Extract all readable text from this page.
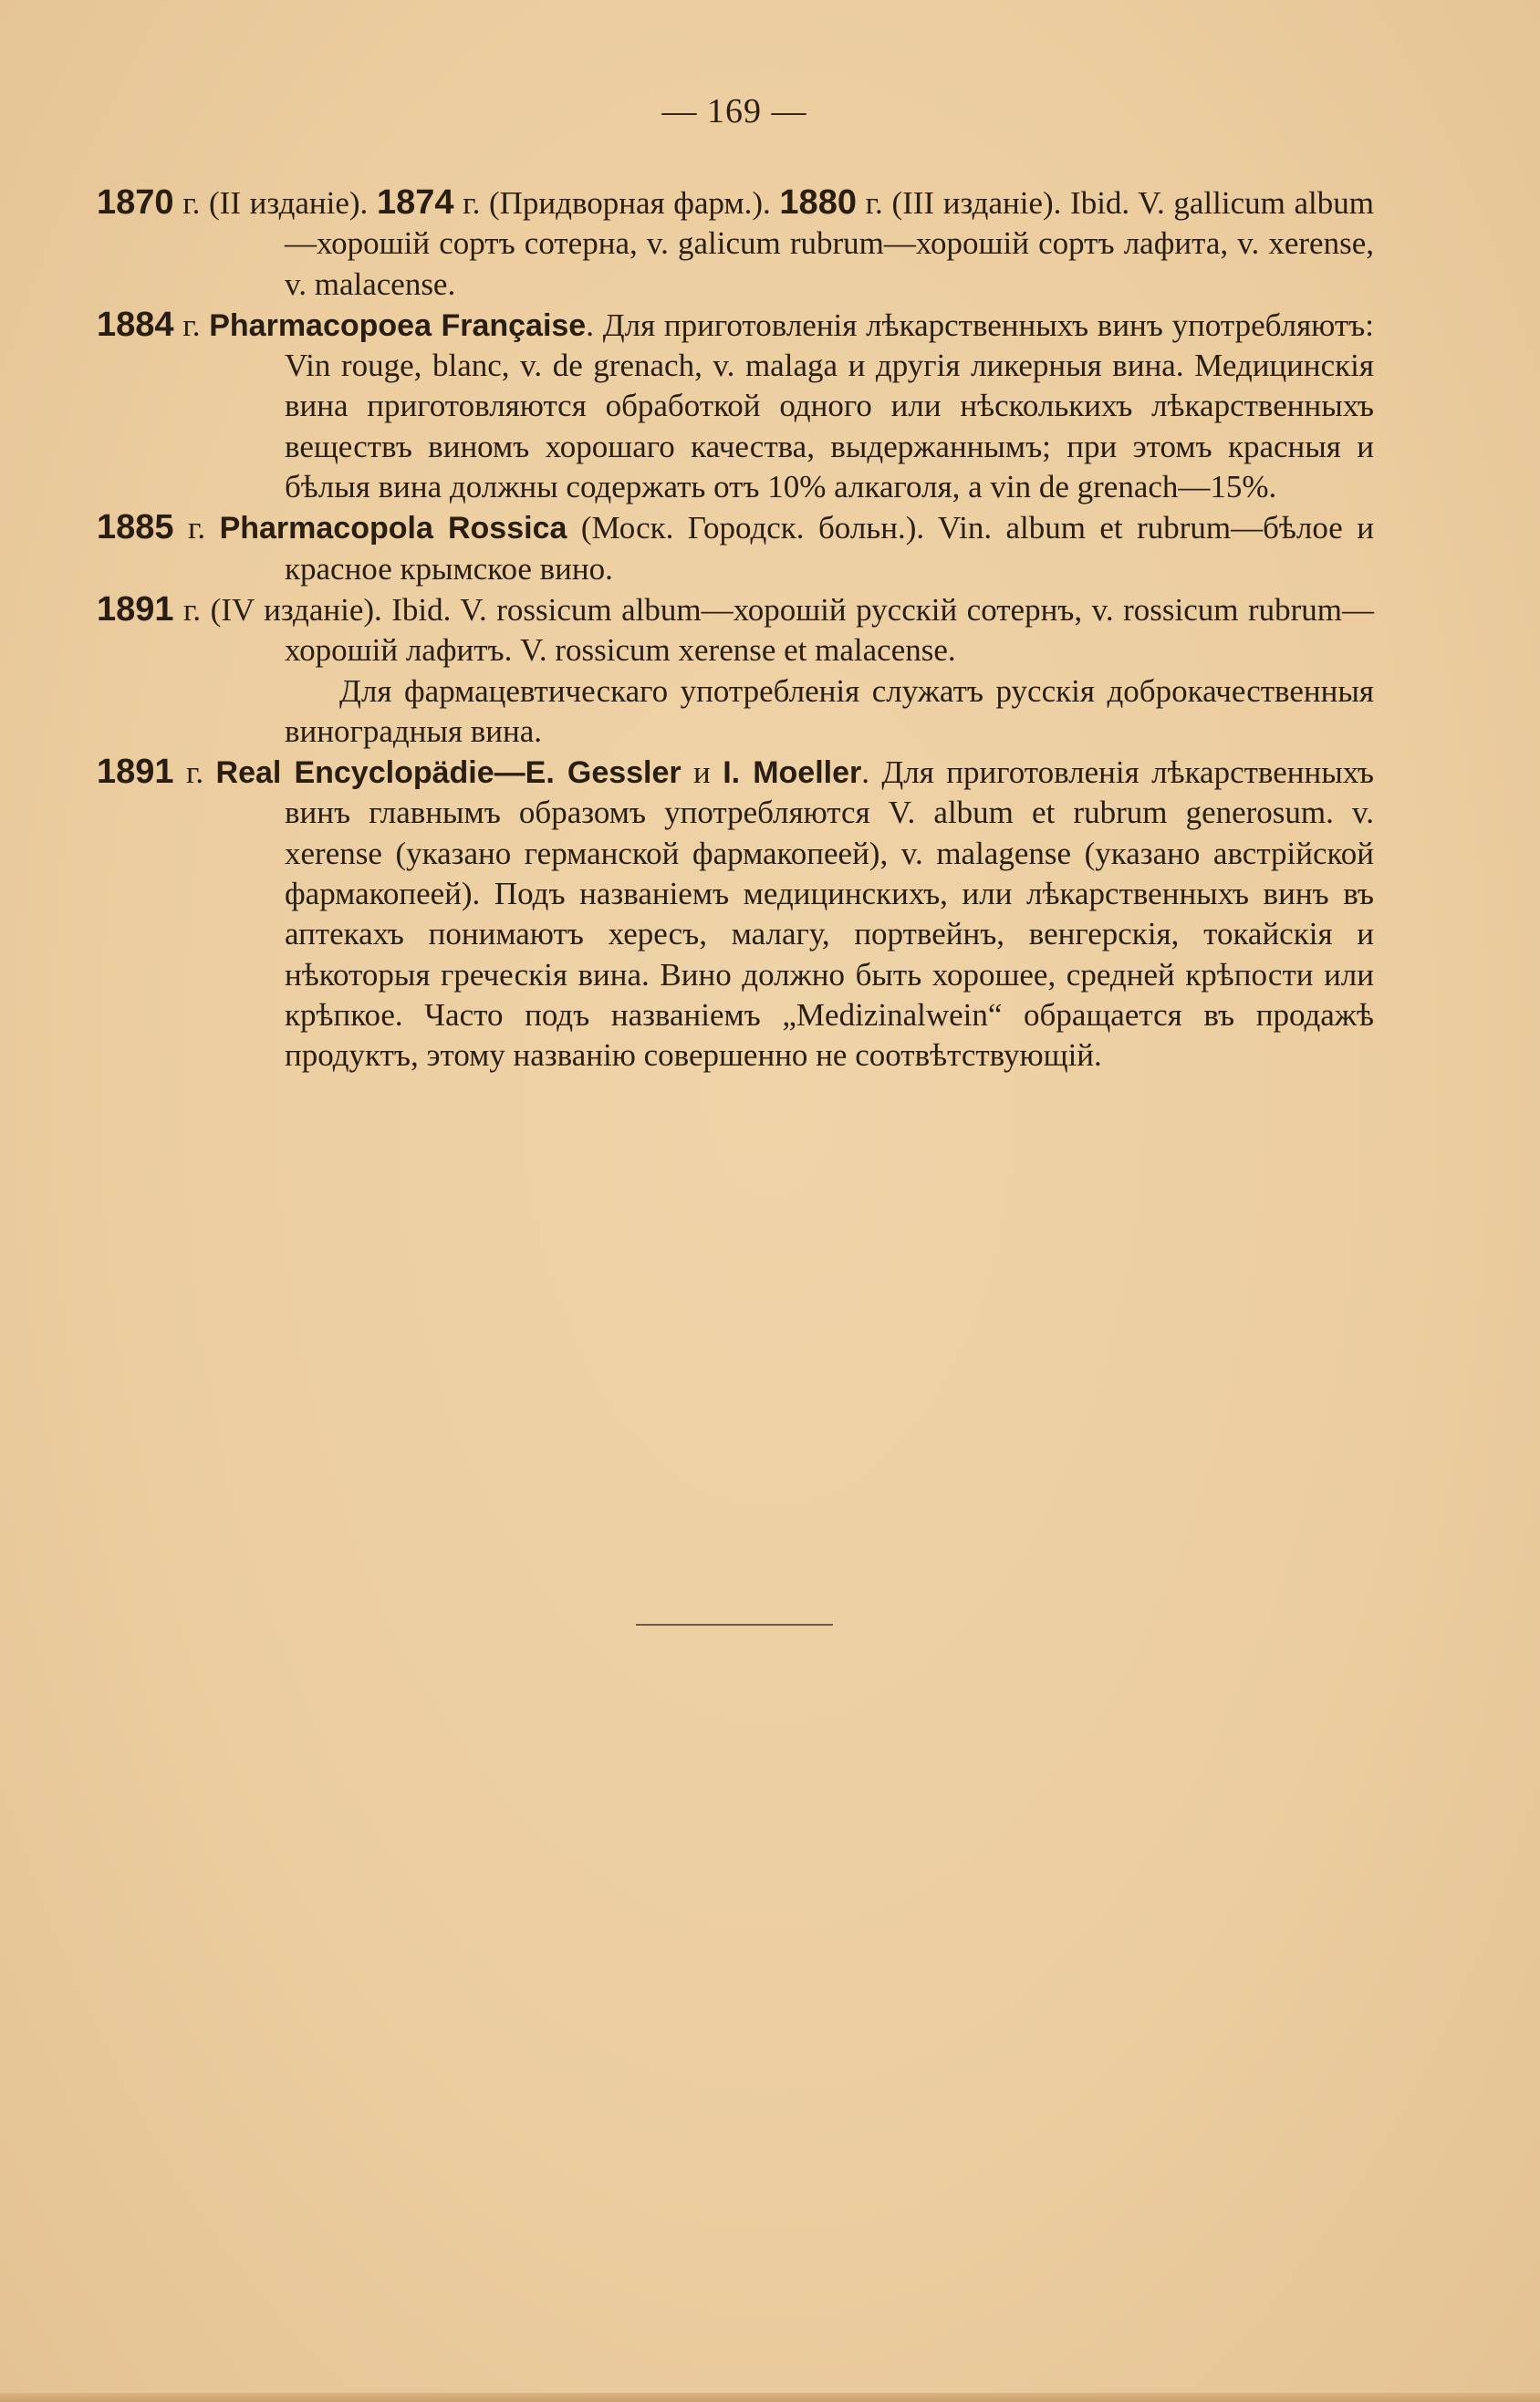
— 169 —

1870 г. (II изданіе). 1874 г. (Придворная фарм.). 1880 г. (III изданіе). Ibid. V. gallicum album—хорошій сортъ сотерна, v. galicum rubrum—хорошій сортъ лафита, v. xerense, v. malacense.

1884 г. Pharmacopoea Française. Для приготовленія лѣкарственныхъ винъ употребляютъ: Vin rouge, blanc, v. de grenach, v. malaga и другія ликерныя вина. Медицинскія вина приготовляются обработкой одного или нѣсколькихъ лѣкарственныхъ веществъ виномъ хорошаго качества, выдержаннымъ; при этомъ красныя и бѣлыя вина должны содержать отъ 10% алкаголя, а vin de grenach—15%.

1885 г. Pharmacopola Rossica (Моск. Городск. больн.). Vin. album et rubrum—бѣлое и красное крымское вино.

1891 г. (IV изданіе). Ibid. V. rossicum album—хорошій русскій сотернъ, v. rossicum rubrum—хорошій лафитъ. V. rossicum xerense et malacense.

Для фармацевтическаго употребленія служатъ русскія доброкачественныя виноградныя вина.

1891 г. Real Encyclopädie—E. Gessler и I. Moeller. Для приготовленія лѣкарственныхъ винъ главнымъ образомъ употребляются V. album et rubrum generosum. v. xerense (указано германской фармакопеей), v. malagense (указано австрійской фармакопеей). Подъ названіемъ медицинскихъ, или лѣкарственныхъ винъ въ аптекахъ понимаютъ хересъ, малагу, портвейнъ, венгерскія, токайскія и нѣкоторыя греческія вина. Вино должно быть хорошее, средней крѣпости или крѣпкое. Часто подъ названіемъ „Medizinalwein“ обращается въ продажѣ продуктъ, этому названію совершенно не соотвѣтствующій.
